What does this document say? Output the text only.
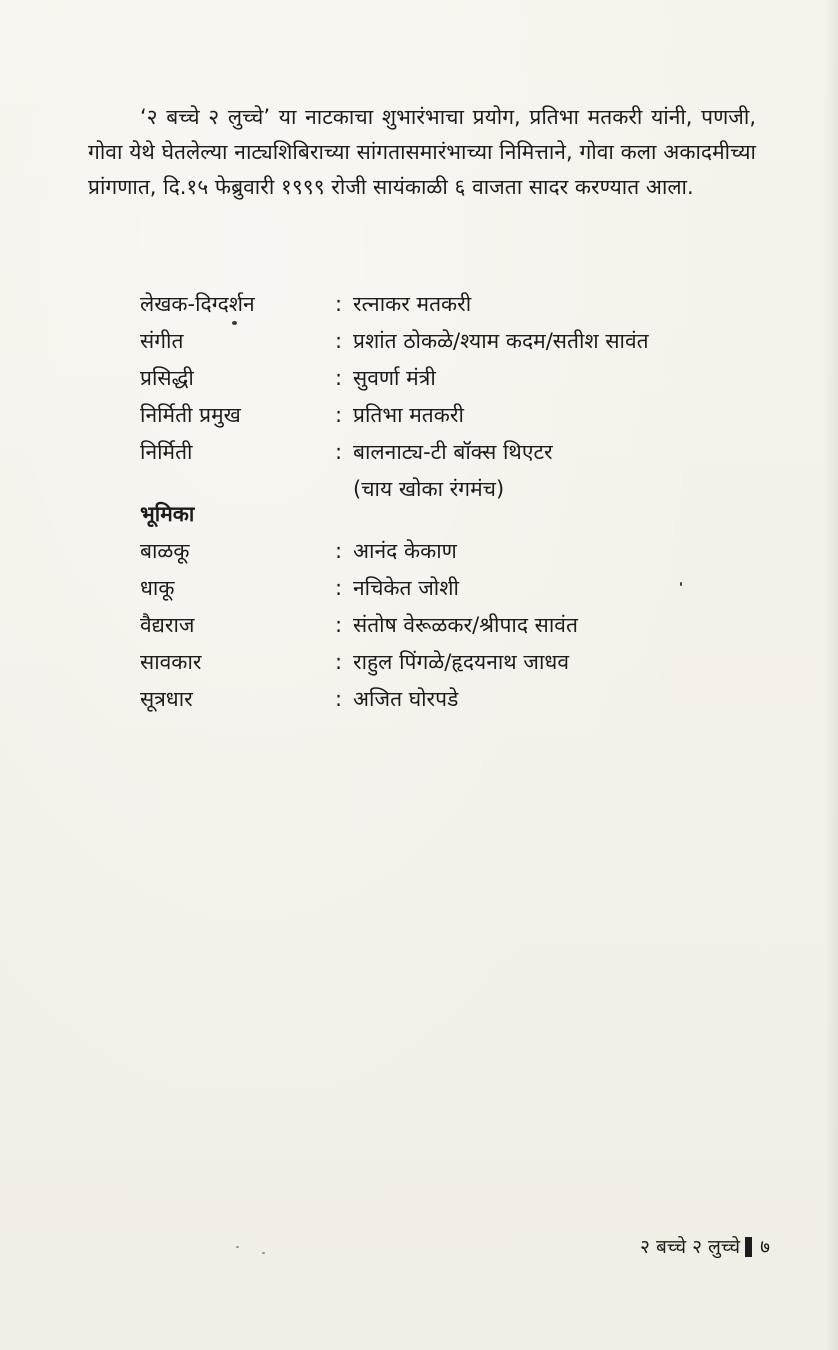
‘२ बच्चे २ लुच्चे’ या नाटकाचा शुभारंभाचा प्रयोग, प्रतिभा मतकरी यांनी, पणजी, गोवा येथे घेतलेल्या नाट्यशिबिराच्या सांगतासमारंभाच्या निमित्ताने, गोवा कला अकादमीच्या प्रांगणात, दि.१५ फेब्रुवारी १९९९ रोजी सायंकाळी ६ वाजता सादर करण्यात आला.

लेखक-दिग्दर्शन	: रत्नाकर मतकरी
संगीत	: प्रशांत ठोकळे/श्याम कदम/सतीश सावंत
प्रसिद्धी	: सुवर्णा मंत्री
निर्मिती प्रमुख	: प्रतिभा मतकरी
निर्मिती	: बालनाट्य-टी बॉक्स थिएटर
(चाय खोका रंगमंच)
भूमिका
बाळकू	: आनंद केकाण
धाकू	: नचिकेत जोशी
वैद्यराज	: संतोष वेरूळकर/श्रीपाद सावंत
सावकार	: राहुल पिंगळे/हृदयनाथ जाधव
सूत्रधार	: अजित घोरपडे
२ बच्चे २ लुच्चे ७
